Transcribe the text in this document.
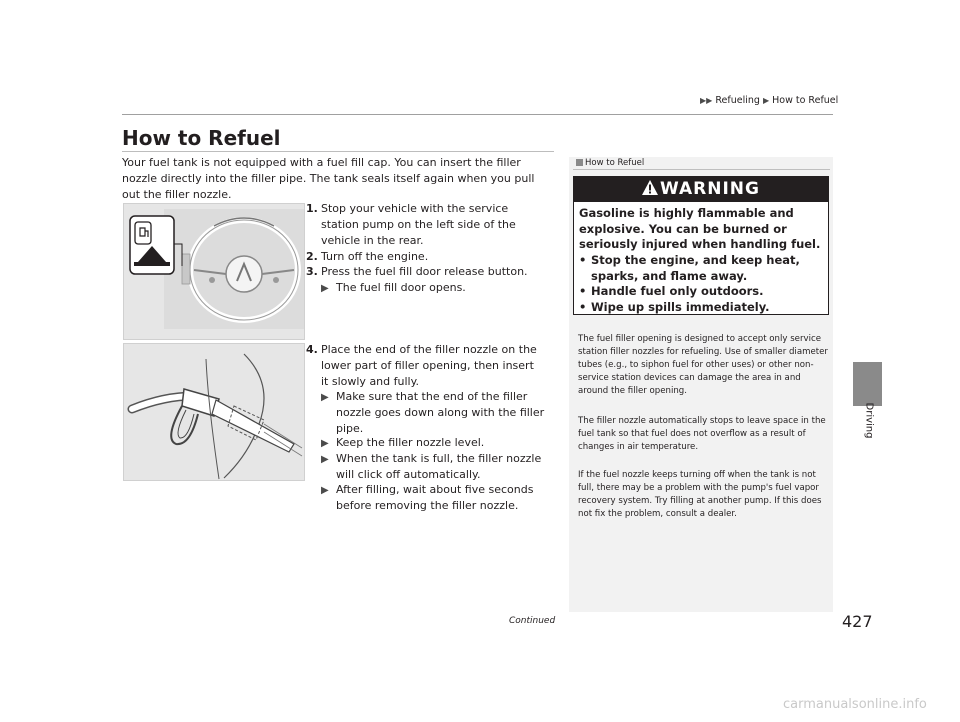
▶▶ Refueling ▶ How to Refuel
Driving
How to Refuel
Your fuel tank is not equipped with a fuel fill cap. You can insert the filler nozzle directly into the filler pipe. The tank seals itself again when you pull out the filler nozzle.
1. Stop your vehicle with the service station pump on the left side of the vehicle in the rear.
2. Turn off the engine.
3. Press the fuel fill door release button.
▶ The fuel fill door opens.
4. Place the end of the filler nozzle on the lower part of filler opening, then insert it slowly and fully.
▶ Make sure that the end of the filler nozzle goes down along with the filler pipe.
▶ Keep the filler nozzle level.
▶ When the tank is full, the filler nozzle will click off automatically.
▶ After filling, wait about five seconds before removing the filler nozzle.
How to Refuel
WARNING
Gasoline is highly flammable and explosive. You can be burned or seriously injured when handling fuel.
• Stop the engine, and keep heat, sparks, and flame away.
• Handle fuel only outdoors.
• Wipe up spills immediately.
The fuel filler opening is designed to accept only service station filler nozzles for refueling. Use of smaller diameter tubes (e.g., to siphon fuel for other uses) or other non-service station devices can damage the area in and around the filler opening.
The filler nozzle automatically stops to leave space in the fuel tank so that fuel does not overflow as a result of changes in air temperature.
If the fuel nozzle keeps turning off when the tank is not full, there may be a problem with the pump's fuel vapor recovery system. Try filling at another pump. If this does not fix the problem, consult a dealer.
Continued	427
carmanualsonline.info
